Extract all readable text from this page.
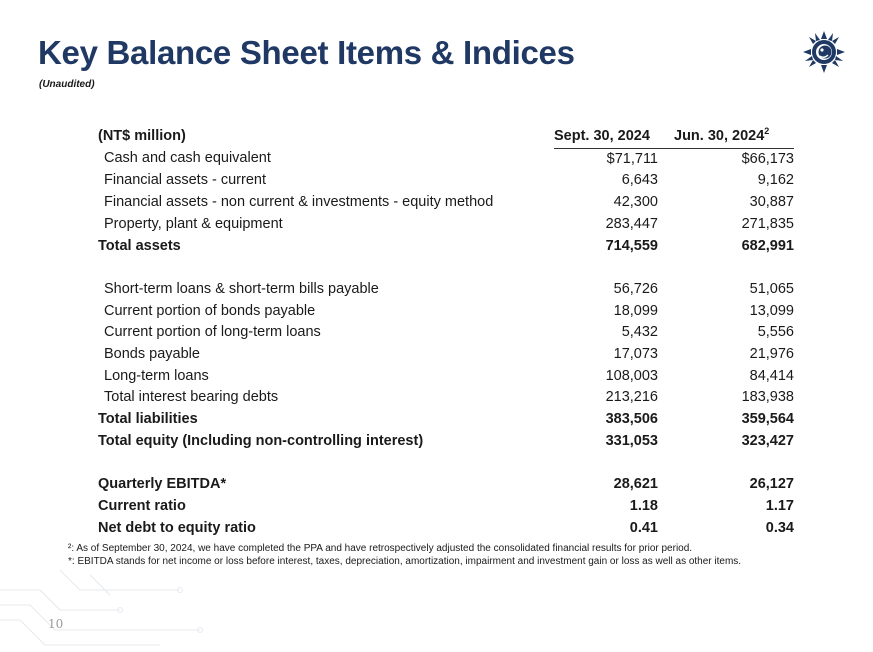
Key Balance Sheet Items & Indices
(Unaudited)
(NT$ million)	Sept. 30, 2024	Jun. 30, 2024$^2$
Cash and cash equivalent	$71,711	$66,173
Financial assets - current	6,643	9,162
Financial assets - non current & investments - equity method	42,300	30,887
Property, plant & equipment	283,447	271,835
Total assets	714,559	682,991

Short-term loans & short-term bills payable	56,726	51,065
Current portion of bonds payable	18,099	13,099
Current portion of long-term loans	5,432	5,556
Bonds payable	17,073	21,976
Long-term loans	108,003	84,414
Total interest bearing debts	213,216	183,938
Total liabilities	383,506	359,564
Total equity (Including non-controlling interest)	331,053	323,427

Quarterly EBITDA*	28,621	26,127
Current ratio	1.18	1.17
Net debt to equity ratio	0.41	0.34
²: As of September 30, 2024, we have completed the PPA and have retrospectively adjusted the consolidated financial results for prior period.
*: EBITDA stands for net income or loss before interest, taxes, depreciation, amortization, impairment and investment gain or loss as well as other items.
10
